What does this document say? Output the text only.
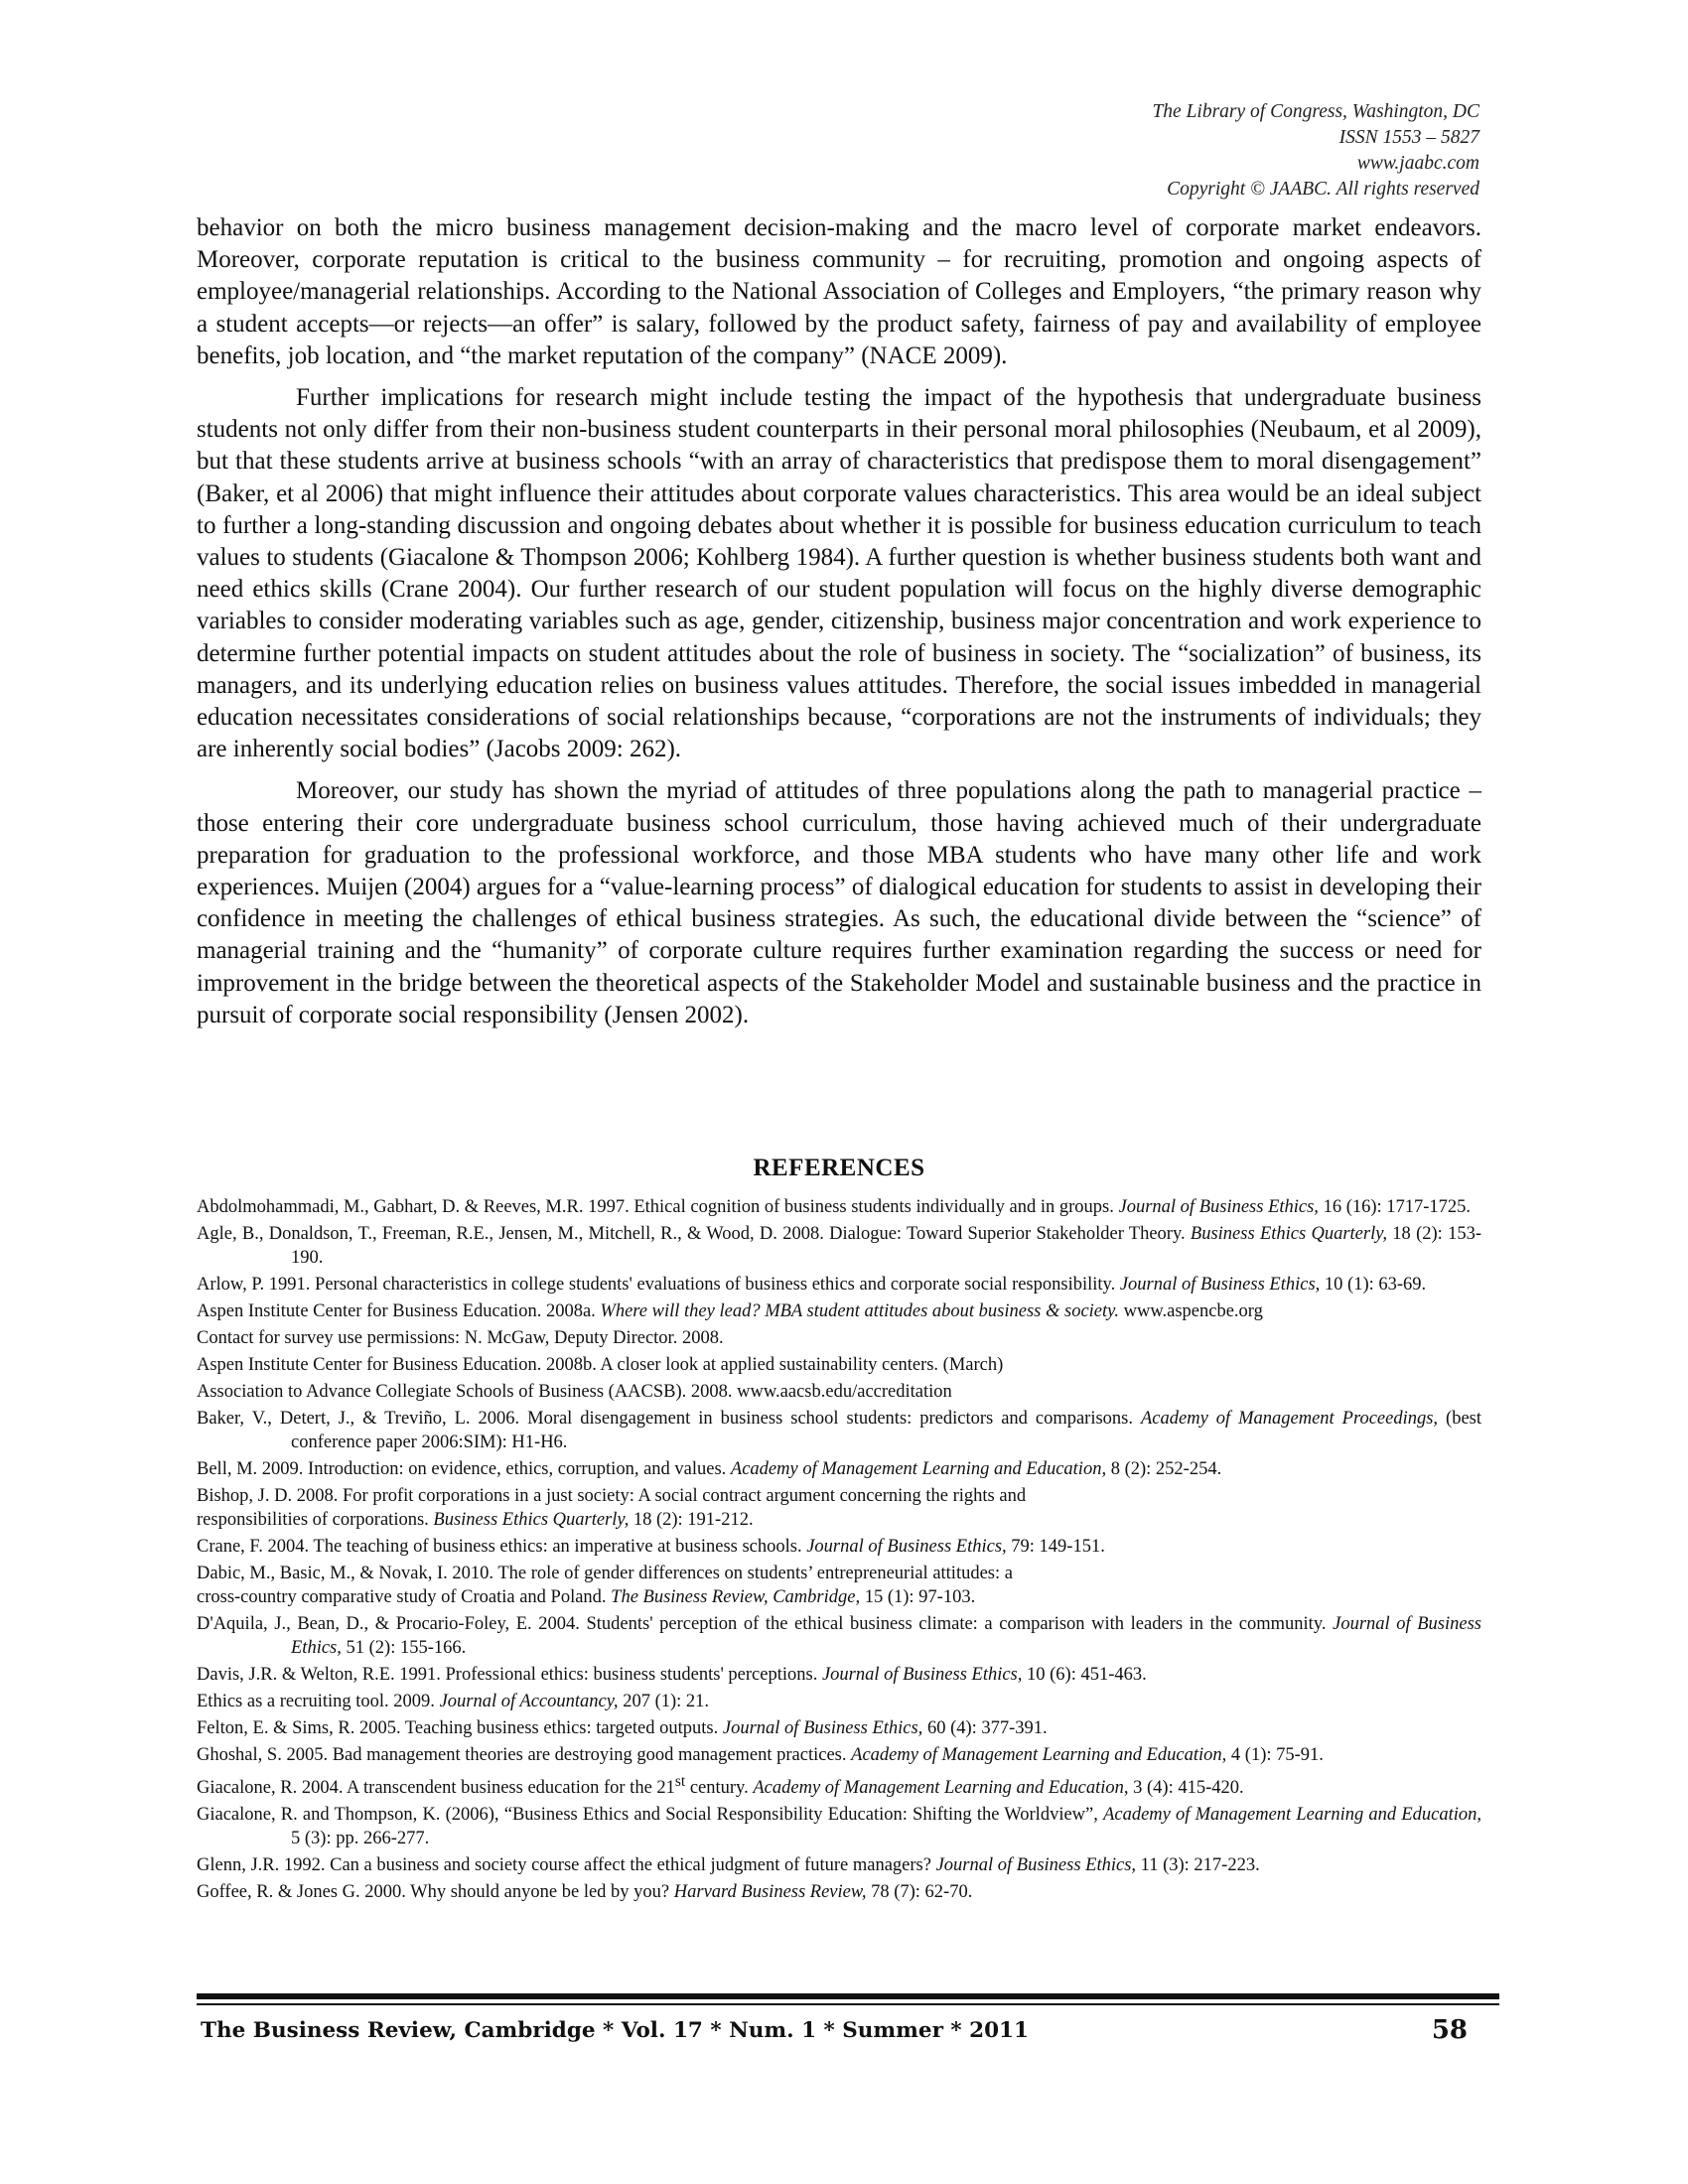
The Library of Congress, Washington, DC
ISSN 1553 – 5827
www.jaabc.com
Copyright © JAABC. All rights reserved

behavior on both the micro business management decision-making and the macro level of corporate market endeavors. Moreover, corporate reputation is critical to the business community – for recruiting, promotion and ongoing aspects of employee/managerial relationships. According to the National Association of Colleges and Employers, “the primary reason why a student accepts—or rejects—an offer” is salary, followed by the product safety, fairness of pay and availability of employee benefits, job location, and “the market reputation of the company” (NACE 2009).

Further implications for research might include testing the impact of the hypothesis that undergraduate business students not only differ from their non-business student counterparts in their personal moral philosophies (Neubaum, et al 2009), but that these students arrive at business schools “with an array of characteristics that predispose them to moral disengagement” (Baker, et al 2006) that might influence their attitudes about corporate values characteristics. This area would be an ideal subject to further a long-standing discussion and ongoing debates about whether it is possible for business education curriculum to teach values to students (Giacalone & Thompson 2006; Kohlberg 1984). A further question is whether business students both want and need ethics skills (Crane 2004). Our further research of our student population will focus on the highly diverse demographic variables to consider moderating variables such as age, gender, citizenship, business major concentration and work experience to determine further potential impacts on student attitudes about the role of business in society. The “socialization” of business, its managers, and its underlying education relies on business values attitudes. Therefore, the social issues imbedded in managerial education necessitates considerations of social relationships because, “corporations are not the instruments of individuals; they are inherently social bodies” (Jacobs 2009: 262).

Moreover, our study has shown the myriad of attitudes of three populations along the path to managerial practice – those entering their core undergraduate business school curriculum, those having achieved much of their undergraduate preparation for graduation to the professional workforce, and those MBA students who have many other life and work experiences. Muijen (2004) argues for a “value-learning process” of dialogical education for students to assist in developing their confidence in meeting the challenges of ethical business strategies. As such, the educational divide between the “science” of managerial training and the “humanity” of corporate culture requires further examination regarding the success or need for improvement in the bridge between the theoretical aspects of the Stakeholder Model and sustainable business and the practice in pursuit of corporate social responsibility (Jensen 2002).

REFERENCES
Abdolmohammadi, M., Gabhart, D. & Reeves, M.R. 1997. Ethical cognition of business students individually and in groups. Journal of Business Ethics, 16 (16): 1717-1725.
Agle, B., Donaldson, T., Freeman, R.E., Jensen, M., Mitchell, R., & Wood, D. 2008. Dialogue: Toward Superior Stakeholder Theory. Business Ethics Quarterly, 18 (2): 153-190.
Arlow, P. 1991. Personal characteristics in college students' evaluations of business ethics and corporate social responsibility. Journal of Business Ethics, 10 (1): 63-69.
Aspen Institute Center for Business Education. 2008a. Where will they lead? MBA student attitudes about business & society. www.aspencbe.org
Contact for survey use permissions: N. McGaw, Deputy Director. 2008.
Aspen Institute Center for Business Education. 2008b. A closer look at applied sustainability centers. (March)
Association to Advance Collegiate Schools of Business (AACSB). 2008. www.aacsb.edu/accreditation
Baker, V., Detert, J., & Treviño, L. 2006. Moral disengagement in business school students: predictors and comparisons. Academy of Management Proceedings, (best conference paper 2006:SIM): H1-H6.
Bell, M. 2009. Introduction: on evidence, ethics, corruption, and values. Academy of Management Learning and Education, 8 (2): 252-254.
Bishop, J. D. 2008. For profit corporations in a just society: A social contract argument concerning the rights and
responsibilities of corporations. Business Ethics Quarterly, 18 (2): 191-212.
Crane, F. 2004. The teaching of business ethics: an imperative at business schools. Journal of Business Ethics, 79: 149-151.
Dabic, M., Basic, M., & Novak, I. 2010. The role of gender differences on students’ entrepreneurial attitudes: a
cross-country comparative study of Croatia and Poland. The Business Review, Cambridge, 15 (1): 97-103.
D'Aquila, J., Bean, D., & Procario-Foley, E. 2004. Students' perception of the ethical business climate: a comparison with leaders in the community. Journal of Business Ethics, 51 (2): 155-166.
Davis, J.R. & Welton, R.E. 1991. Professional ethics: business students' perceptions. Journal of Business Ethics, 10 (6): 451-463.
Ethics as a recruiting tool. 2009. Journal of Accountancy, 207 (1): 21.
Felton, E. & Sims, R. 2005. Teaching business ethics: targeted outputs. Journal of Business Ethics, 60 (4): 377-391.
Ghoshal, S. 2005. Bad management theories are destroying good management practices. Academy of Management Learning and Education, 4 (1): 75-91.
Giacalone, R. 2004. A transcendent business education for the 21st century. Academy of Management Learning and Education, 3 (4): 415-420.
Giacalone, R. and Thompson, K. (2006), “Business Ethics and Social Responsibility Education: Shifting the Worldview”, Academy of Management Learning and Education, 5 (3): pp. 266-277.
Glenn, J.R. 1992. Can a business and society course affect the ethical judgment of future managers? Journal of Business Ethics, 11 (3): 217-223.
Goffee, R. & Jones G. 2000. Why should anyone be led by you? Harvard Business Review, 78 (7): 62-70.
The Business Review, Cambridge * Vol. 17 * Num. 1 * Summer * 2011	58
